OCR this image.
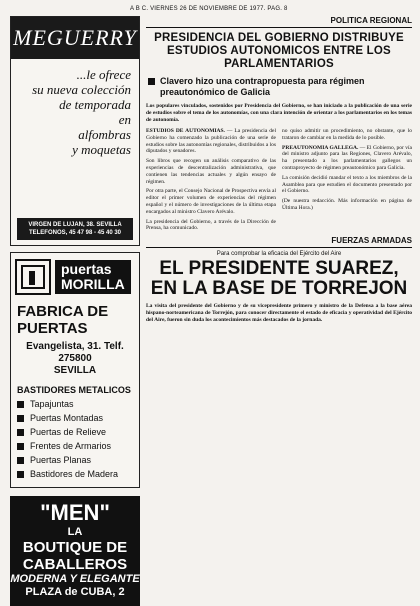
A B C. VIERNES 26 DE NOVIEMBRE DE 1977. PAG. 8
MEGUERRY
...le ofrece
su nueva colección
de temporada
en
alfombras
y moquetas
VIRGEN DE LUJAN, 38. SEVILLA
TELEFONOS, 45 47 98 - 45 40 30
puertas
MORILLA
FABRICA DE PUERTAS
Evangelista, 31. Telf. 275800
SEVILLA
BASTIDORES METALICOS
Tapajuntas
Puertas Montadas
Puertas de Relieve
Frentes de Armarios
Puertas Planas
Bastidores de Madera
"MEN"
LA
BOUTIQUE DE
CABALLEROS
MODERNA Y ELEGANTE
PLAZA de CUBA, 2
POLITICA REGIONAL
PRESIDENCIA DEL GOBIERNO DISTRIBUYE ESTUDIOS AUTONOMICOS ENTRE LOS PARLAMENTARIOS
Clavero hizo una contrapropuesta para régimen preautonómico de Galicia
Los populares vinculados, sostenidos por Presidencia del Gobierno, se han iniciado a la publicación de una serie de estudios sobre el tema de los autonomías, con una clara intención de orientar a los parlamentarios en los temas de autonomía.

ESTUDIOS DE AUTONOMIAS. — La presidencia del Gobierno ha comenzado la publicación de una serie de estudios sobre las autonomías regionales, distribuidos a los diputados y senadores.

Son libros que recogen un análisis comparativo de las experiencias de descentralización administrativa, que contienen las tendencias actuales y algún ensayo de régimen.

Por otra parte, el Consejo Nacional de Prospectiva envía al editor el primer volumen de experiencias del régimen español y el número de investigaciones de la última etapa encargados al ministro Clavero Arévalo.

La presidencia del Gobierno, a través de la Dirección de Prensa, ha comunicado.

no quiso admitir un procedimiento, no obstante, que lo trataron de cambiar en la medida de lo posible.

PREAUTONOMIA GALLEGA. — El Gobierno, por vía del ministro adjunto para las Regiones, Clavero Arévalo, ha presentado a los parlamentarios gallegos un contraproyecto de régimen preautonómico para Galicia.

La comisión decidió mandar el texto a los miembros de la Asamblea para que estudien el documento presentado por el Gobierno.

(De nuestra redacción. Más información en página de Última Hora.)

FUERZAS ARMADAS
Para comprobar la eficacia del Ejército del Aire
EL PRESIDENTE SUAREZ, EN LA BASE DE TORREJON
La visita del presidente del Gobierno y de su vicepresidente primero y ministro de la Defensa a la base aérea hispano-norteamericana de Torrejón, para conocer directamente el estado de eficacia y operatividad del Ejército del Aire, fueron sin duda los acontecimientos más destacados de la jornada.
